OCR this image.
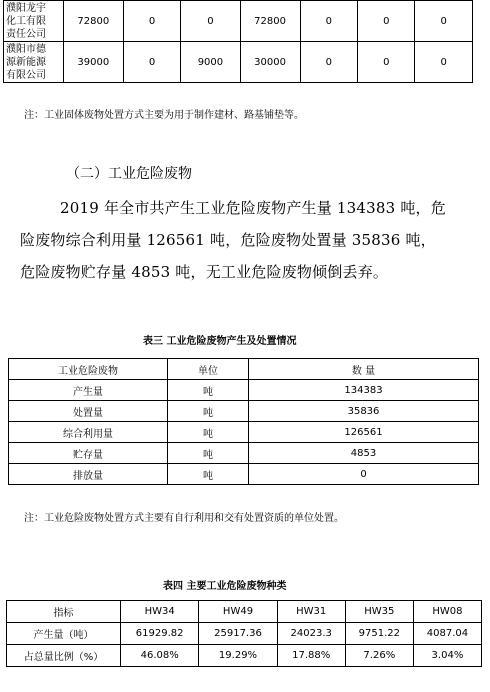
濮阳龙宇
化工有限
责任公司	72800	0	0	72800	0	0	0

濮阳市德
源新能源
有限公司	39000	0	9000	30000	0	0	0
注：工业固体废物处置方式主要为用于制作建材、路基铺垫等。
（二）工业危险废物
2019 年全市共产生工业危险废物产生量 134383 吨，危
险废物综合利用量 126561 吨，危险废物处置量 35836 吨，
危险废物贮存量 4853 吨，无工业危险废物倾倒丢弃。
表三 工业危险废物产生及处置情况
工业危险废物	单位	数 量
产生量	吨	134383
处置量	吨	35836
综合利用量	吨	126561
贮存量	吨	4853
排放量	吨	0
注：工业危险废物处置方式主要有自行利用和交有处置资质的单位处置。
表四 主要工业危险废物种类
指标	HW34	HW49	HW31	HW35	HW08
产生量（吨）	61929.82	25917.36	24023.3	9751.22	4087.04
占总量比例（%）	46.08%	19.29%	17.88%	7.26%	3.04%
